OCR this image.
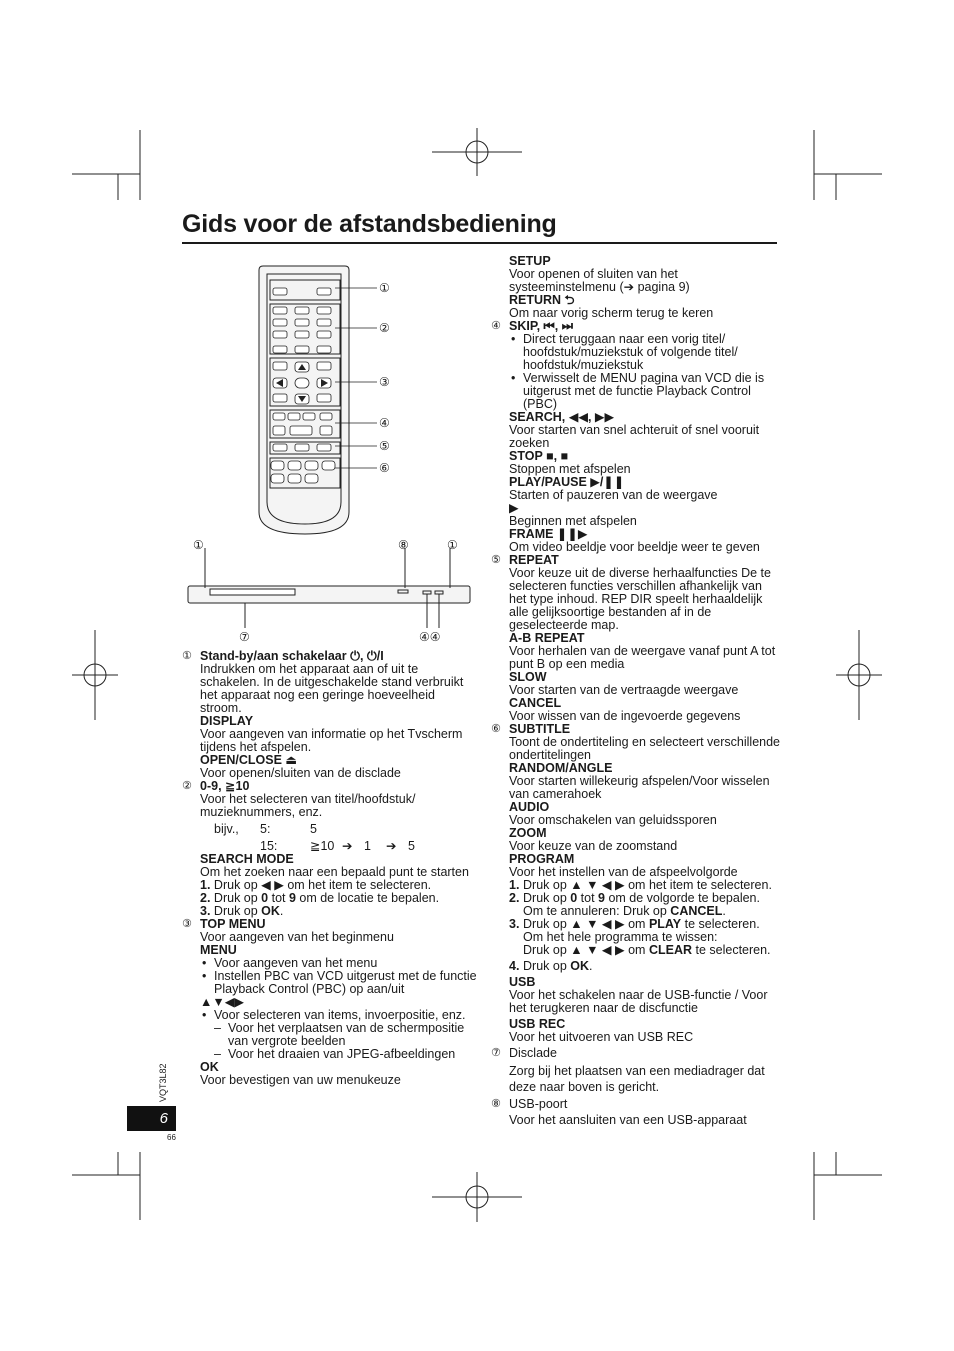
Gids voor de afstandsbediening
①
②
③
④
⑤
⑥
①	⑧	①
⑦	④④
① Stand-by/aan schakelaar ⏻, ⏻/I

Indrukken om het apparaat aan of uit te schakelen. In de uitgeschakelde stand verbruikt het apparaat nog een geringe hoeveelheid stroom.

DISPLAY

Voor aangeven van informatie op het Tvscherm tijdens het afspelen.

OPEN/CLOSE ⏏

Voor openen/sluiten van de disclade

② 0-9, ≧10

Voor het selecteren van titel/hoofdstuk/ muzieknummers, enz.

bijv.,	5:	5
15:	≧10 ➔ 1	➔ 5

SEARCH MODE

Om het zoeken naar een bepaald punt te starten

1. Druk op ◀ ▶ om het item te selecteren.

2. Druk op 0 tot 9 om de locatie te bepalen.

3. Druk op OK.

③ TOP MENU

Voor aangeven van het beginmenu

MENU

• Voor aangeven van het menu

• Instellen PBC van VCD uitgerust met de functie Playback Control (PBC) op aan/uit

▲▼◀▶

• Voor selecteren van items, invoerpositie, enz.

– Voor het verplaatsen van de schermpositie van vergrote beelden

– Voor het draaien van JPEG-afbeeldingen

OK

Voor bevestigen van uw menukeuze

SETUP

Voor openen of sluiten van het systeeminstelmenu (➔ pagina 9)

RETURN ⮌

Om naar vorig scherm terug te keren

④ SKIP, ⏮, ⏭

• Direct teruggaan naar een vorig titel/ hoofdstuk/muziekstuk of volgende titel/ hoofdstuk/muziekstuk

• Verwisselt de MENU pagina van VCD die is uitgerust met de functie Playback Control (PBC)

SEARCH, ◀◀, ▶▶

Voor starten van snel achteruit of snel vooruit zoeken

STOP ■, ■

Stoppen met afspelen

PLAY/PAUSE ▶/❚❚

Starten of pauzeren van de weergave

▶

Beginnen met afspelen

FRAME ❚❚▶

Om video beeldje voor beeldje weer te geven

⑤ REPEAT

Voor keuze uit de diverse herhaalfuncties De te selecteren functies verschillen afhankelijk van het type inhoud. REP DIR speelt herhaaldelijk alle gelijksoortige bestanden af in de geselecteerde map.

A-B REPEAT

Voor herhalen van de weergave vanaf punt A tot punt B op een media

SLOW

Voor starten van de vertraagde weergave

CANCEL

Voor wissen van de ingevoerde gegevens

⑥ SUBTITLE

Toont de ondertiteling en selecteert verschillende ondertitelingen

RANDOM/ANGLE

Voor starten willekeurig afspelen/Voor wisselen van camerahoek

AUDIO

Voor omschakelen van geluidssporen

ZOOM

Voor keuze van de zoomstand

PROGRAM

Voor het instellen van de afspeelvolgorde

1. Druk op ▲ ▼ ◀ ▶ om het item te selecteren.

2. Druk op 0 tot 9 om de volgorde te bepalen.

Om te annuleren: Druk op CANCEL.

3. Druk op ▲ ▼ ◀ ▶ om PLAY te selecteren.

Om het hele programma te wissen:

Druk op ▲ ▼ ◀ ▶ om CLEAR te selecteren.

4. Druk op OK.

USB

Voor het schakelen naar de USB-functie / Voor het terugkeren naar de discfunctie

USB REC

Voor het uitvoeren van USB REC

⑦ Disclade

Zorg bij het plaatsen van een mediadrager dat deze naar boven is gericht.

⑧ USB-poort

Voor het aansluiten van een USB-apparaat

VQT3L82
6
66
